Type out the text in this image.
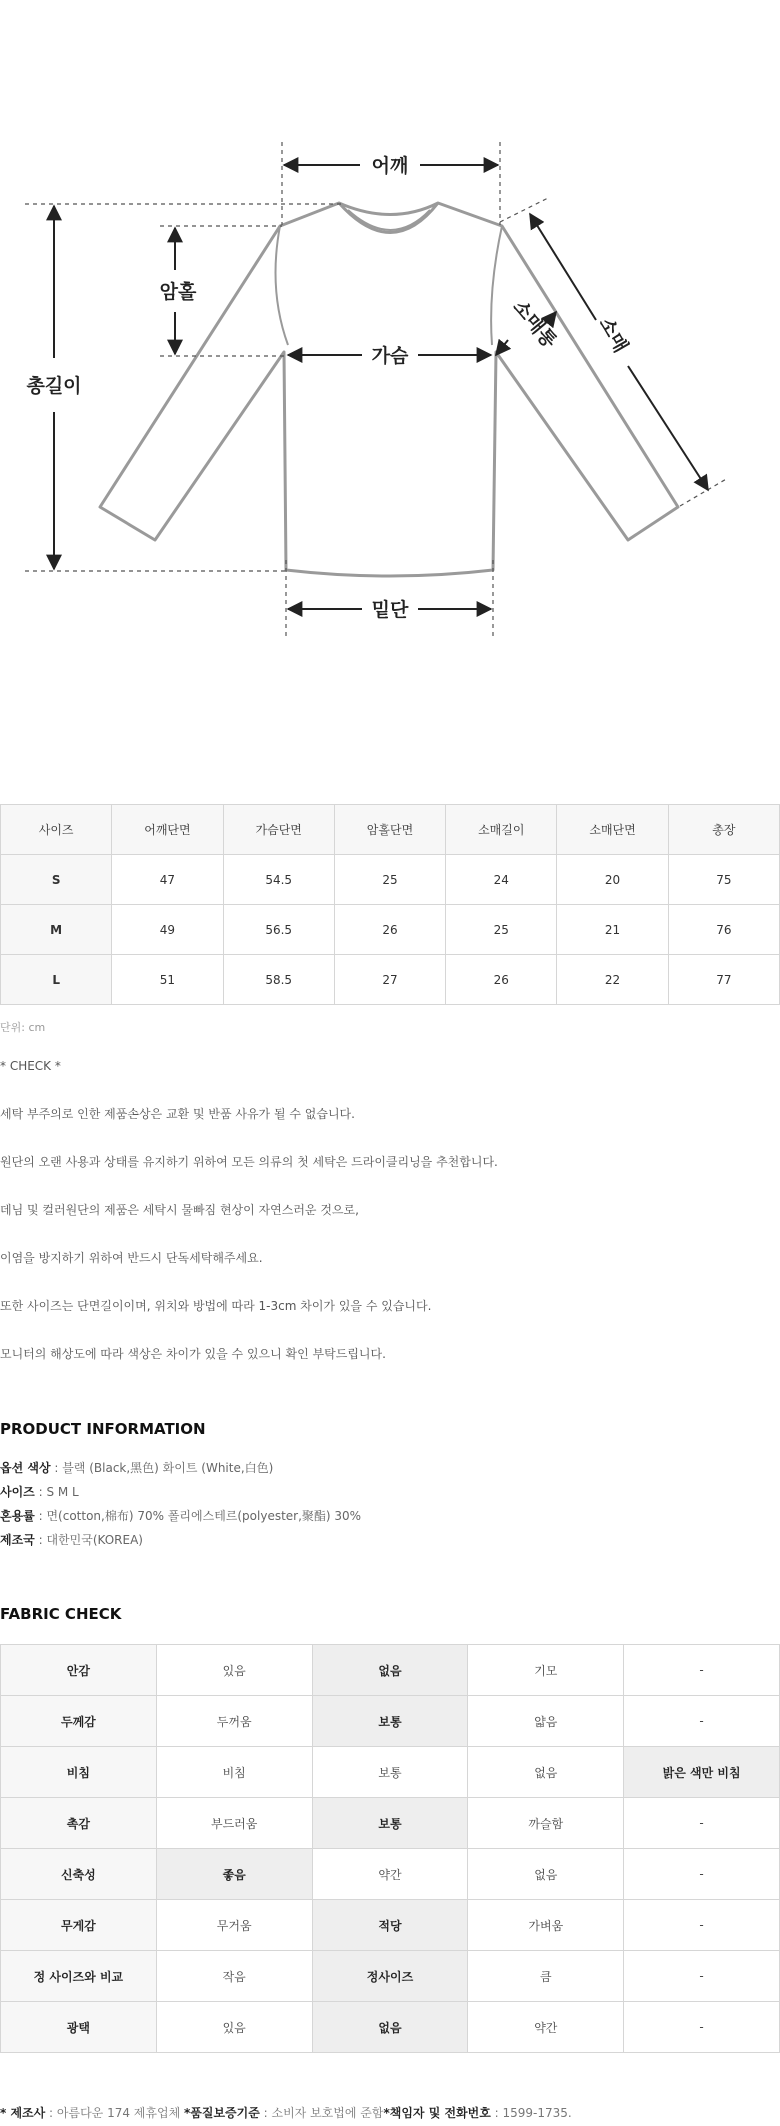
어깨
암홀
총길이
가슴
밑단
소매
소매통
사이즈	어깨단면	가슴단면	암홀단면	소매길이	소매단면	총장
S	47	54.5	25	24	20	75
M	49	56.5	26	25	21	76
L	51	58.5	27	26	22	77
단위: cm

* CHECK *

세탁 부주의로 인한 제품손상은 교환 및 반품 사유가 될 수 없습니다.

원단의 오랜 사용과 상태를 유지하기 위하여 모든 의류의 첫 세탁은 드라이클리닝을 추천합니다.

데님 및 컬러원단의 제품은 세탁시 물빠짐 현상이 자연스러운 것으로,

이염을 방지하기 위하여 반드시 단독세탁해주세요.

또한 사이즈는 단면길이이며, 위치와 방법에 따라 1-3cm 차이가 있을 수 있습니다.

모니터의 해상도에 따라 색상은 차이가 있을 수 있으니 확인 부탁드립니다.

PRODUCT INFORMATION
옵션 색상 : 블랙 (Black,黑色) 화이트 (White,白色)
사이즈 : S M L
혼용률 : 면(cotton,棉布) 70% 폴리에스테르(polyester,聚酯) 30%
제조국 : 대한민국(KOREA)
FABRIC CHECK
안감	있음	없음	기모	-
두께감	두꺼움	보통	얇음	-
비침	비침	보통	없음	밝은 색만 비침
촉감	부드러움	보통	까슬함	-
신축성	좋음	약간	없음	-
무게감	무거움	적당	가벼움	-
정 사이즈와 비교	작음	정사이즈	큼	-
광택	있음	없음	약간	-
* 제조사 : 아름다운 174 제휴업체 *품질보증기준 : 소비자 보호법에 준함*책임자 및 전화번호 : 1599-1735.
